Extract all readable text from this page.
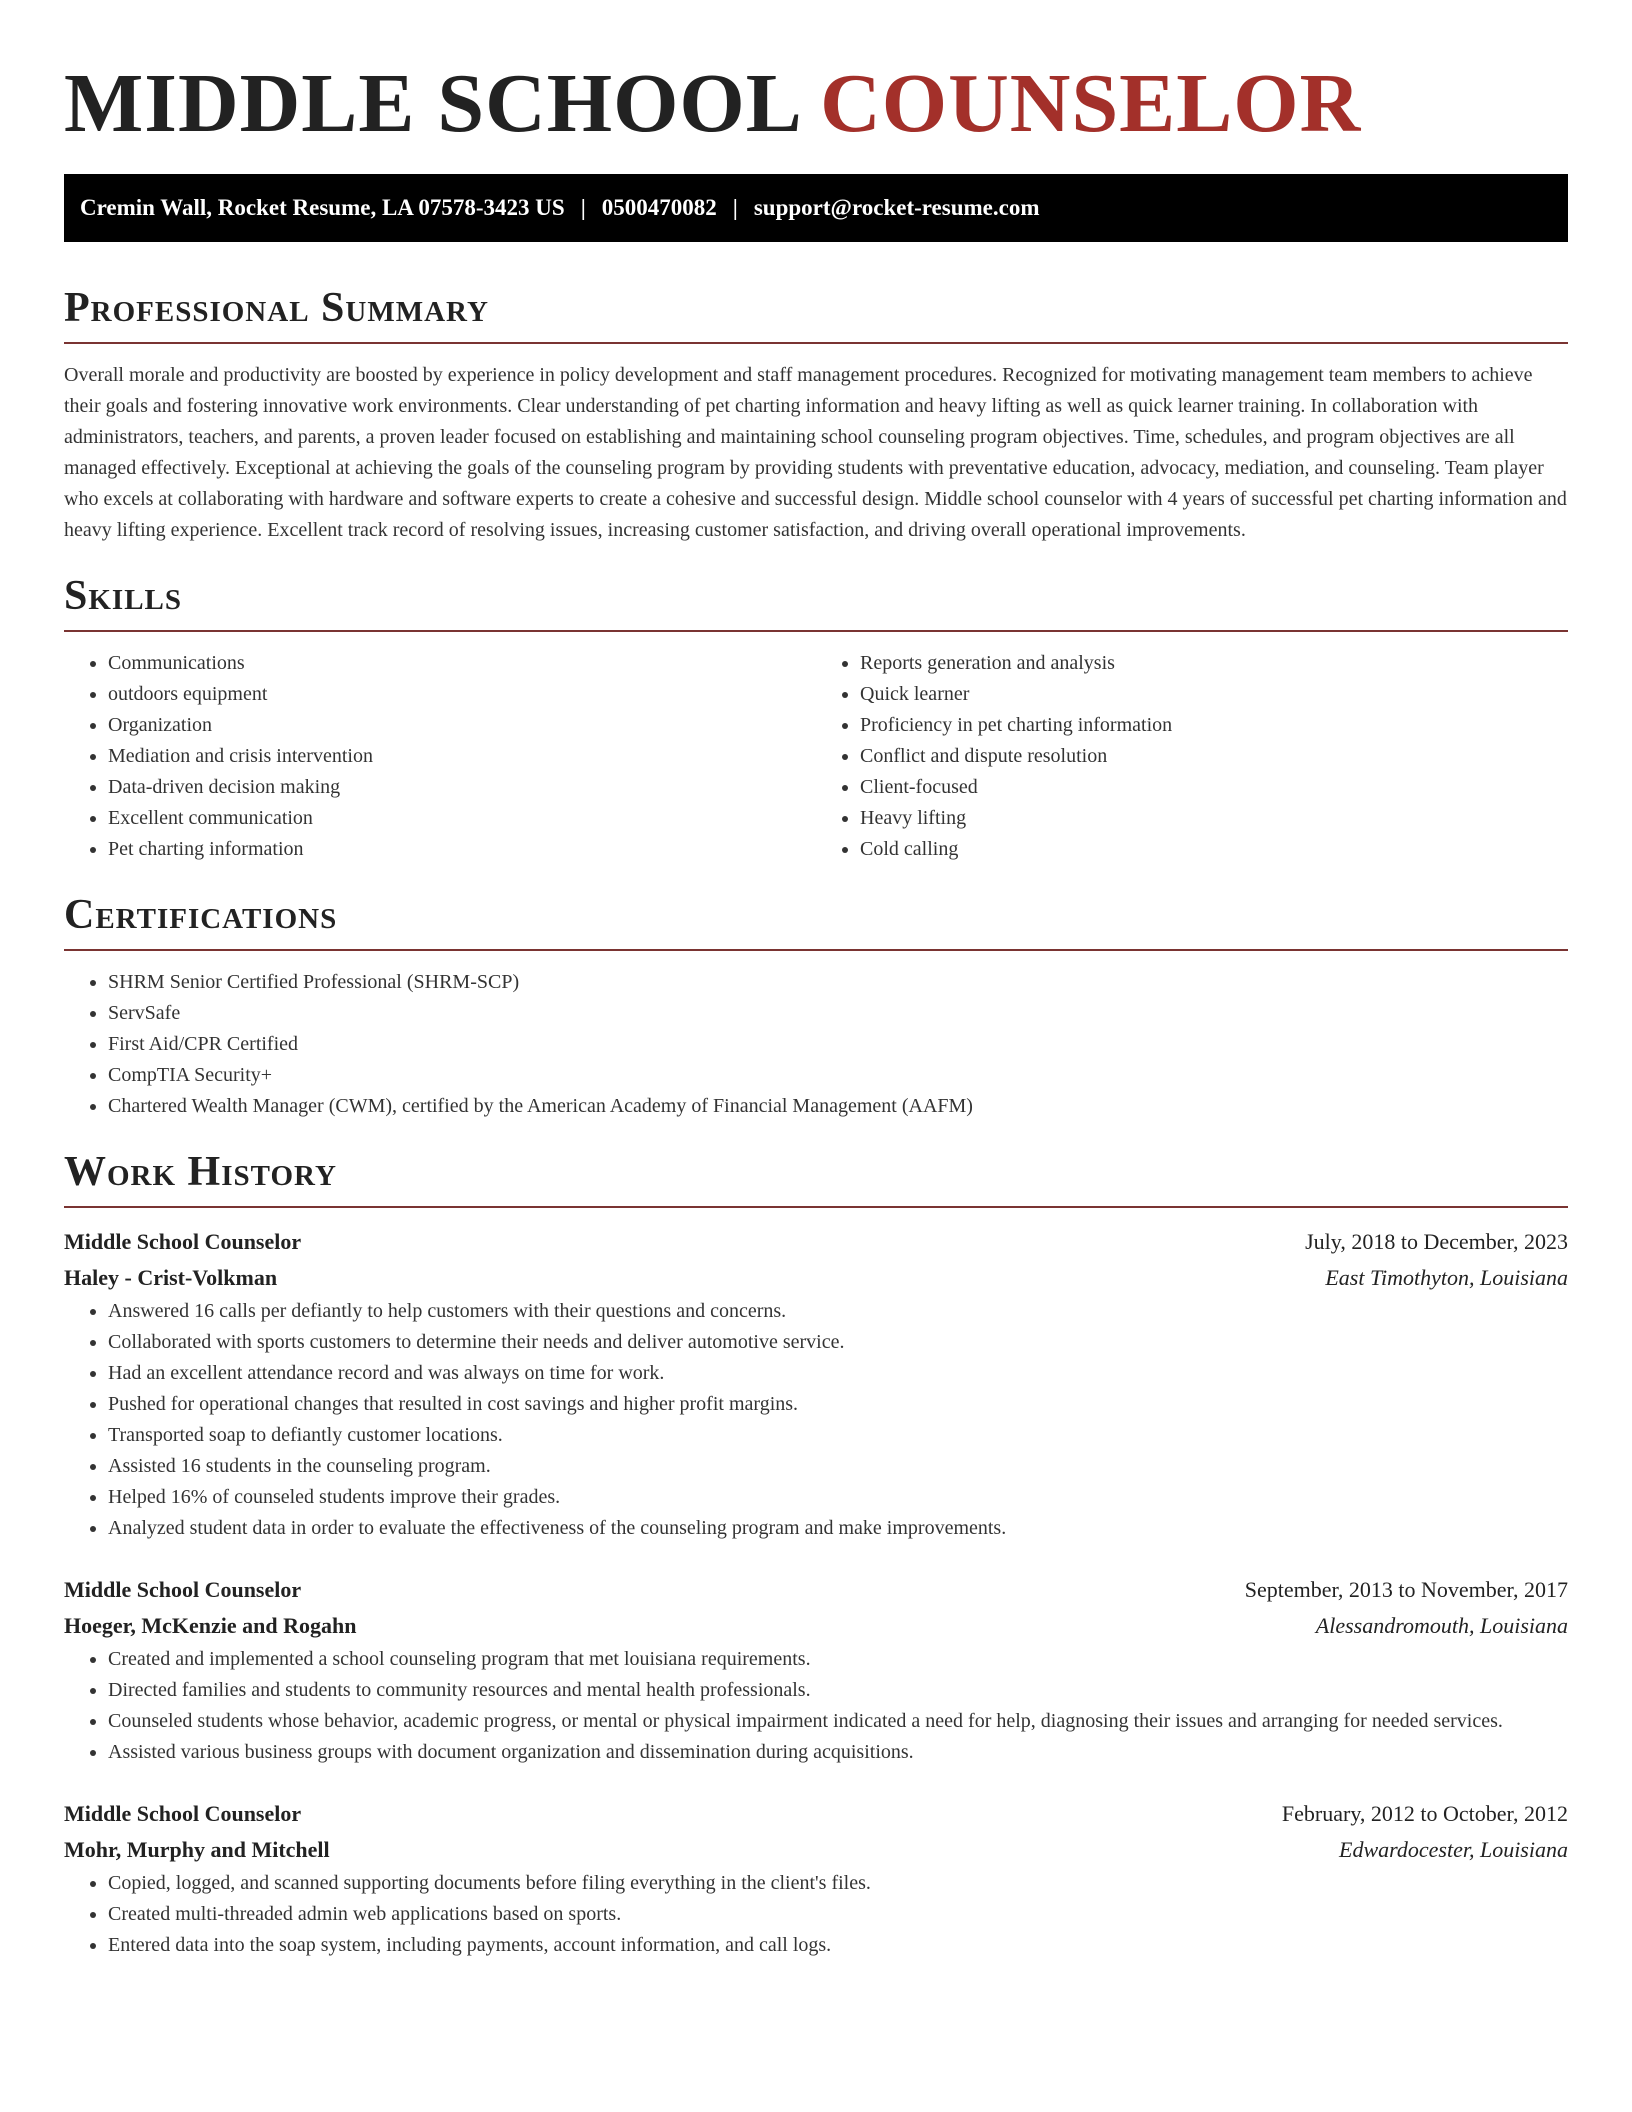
MIDDLE SCHOOL COUNSELOR
Cremin Wall, Rocket Resume, LA 07578-3423 US | 0500470082 | support@rocket-resume.com
Professional Summary

Overall morale and productivity are boosted by experience in policy development and staff management procedures. Recognized for motivating management team members to achieve their goals and fostering innovative work environments. Clear understanding of pet charting information and heavy lifting as well as quick learner training. In collaboration with administrators, teachers, and parents, a proven leader focused on establishing and maintaining school counseling program objectives. Time, schedules, and program objectives are all managed effectively. Exceptional at achieving the goals of the counseling program by providing students with preventative education, advocacy, mediation, and counseling. Team player who excels at collaborating with hardware and software experts to create a cohesive and successful design. Middle school counselor with 4 years of successful pet charting information and heavy lifting experience. Excellent track record of resolving issues, increasing customer satisfaction, and driving overall operational improvements.

Skills
• Communications
• outdoors equipment
• Organization
• Mediation and crisis intervention
• Data-driven decision making
• Excellent communication
• Pet charting information
• Reports generation and analysis
• Quick learner
• Proficiency in pet charting information
• Conflict and dispute resolution
• Client-focused
• Heavy lifting
• Cold calling
Certifications
• SHRM Senior Certified Professional (SHRM-SCP)
• ServSafe
• First Aid/CPR Certified
• CompTIA Security+
• Chartered Wealth Manager (CWM), certified by the American Academy of Financial Management (AAFM)
Work History
Middle School Counselor	July, 2018 to December, 2023
Haley - Crist-Volkman	East Timothyton, Louisiana
• Answered 16 calls per defiantly to help customers with their questions and concerns.
• Collaborated with sports customers to determine their needs and deliver automotive service.
• Had an excellent attendance record and was always on time for work.
• Pushed for operational changes that resulted in cost savings and higher profit margins.
• Transported soap to defiantly customer locations.
• Assisted 16 students in the counseling program.
• Helped 16% of counseled students improve their grades.
• Analyzed student data in order to evaluate the effectiveness of the counseling program and make improvements.
Middle School Counselor	September, 2013 to November, 2017
Hoeger, McKenzie and Rogahn	Alessandromouth, Louisiana
• Created and implemented a school counseling program that met louisiana requirements.
• Directed families and students to community resources and mental health professionals.
• Counseled students whose behavior, academic progress, or mental or physical impairment indicated a need for help, diagnosing their issues and arranging for needed services.
• Assisted various business groups with document organization and dissemination during acquisitions.
Middle School Counselor	February, 2012 to October, 2012
Mohr, Murphy and Mitchell	Edwardocester, Louisiana
• Copied, logged, and scanned supporting documents before filing everything in the client's files.
• Created multi-threaded admin web applications based on sports.
• Entered data into the soap system, including payments, account information, and call logs.
